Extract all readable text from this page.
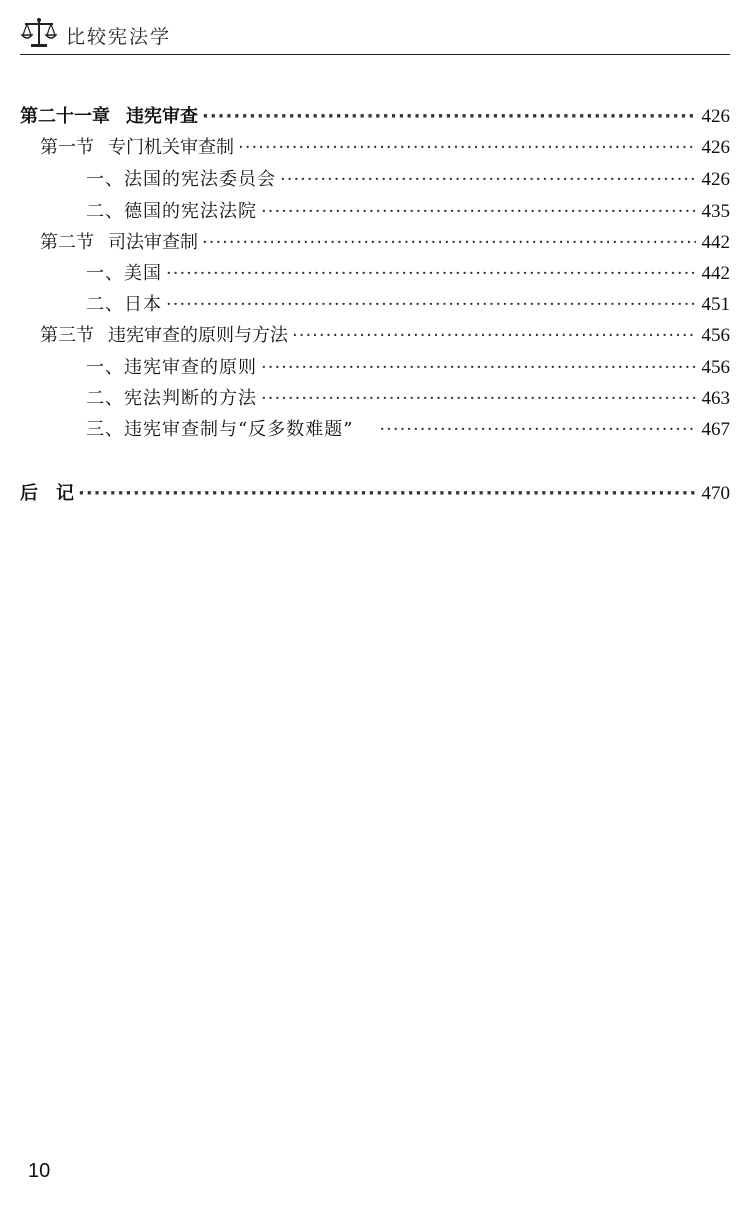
比较宪法学
第二十一章 违宪审查 ·····	426
第一节 专门机关审查制 ·····	426
一、法国的宪法委员会 ·····	426
二、德国的宪法法院 ·····	435
第二节 司法审查制 ·····	442
一、美国 ·····	442
二、日本 ·····	451
第三节 违宪审查的原则与方法 ·····	456
一、违宪审查的原则 ·····	456
二、宪法判断的方法 ·····	463
三、违宪审查制与“反多数难题” ·····	467
后　记 ·····	470
10
